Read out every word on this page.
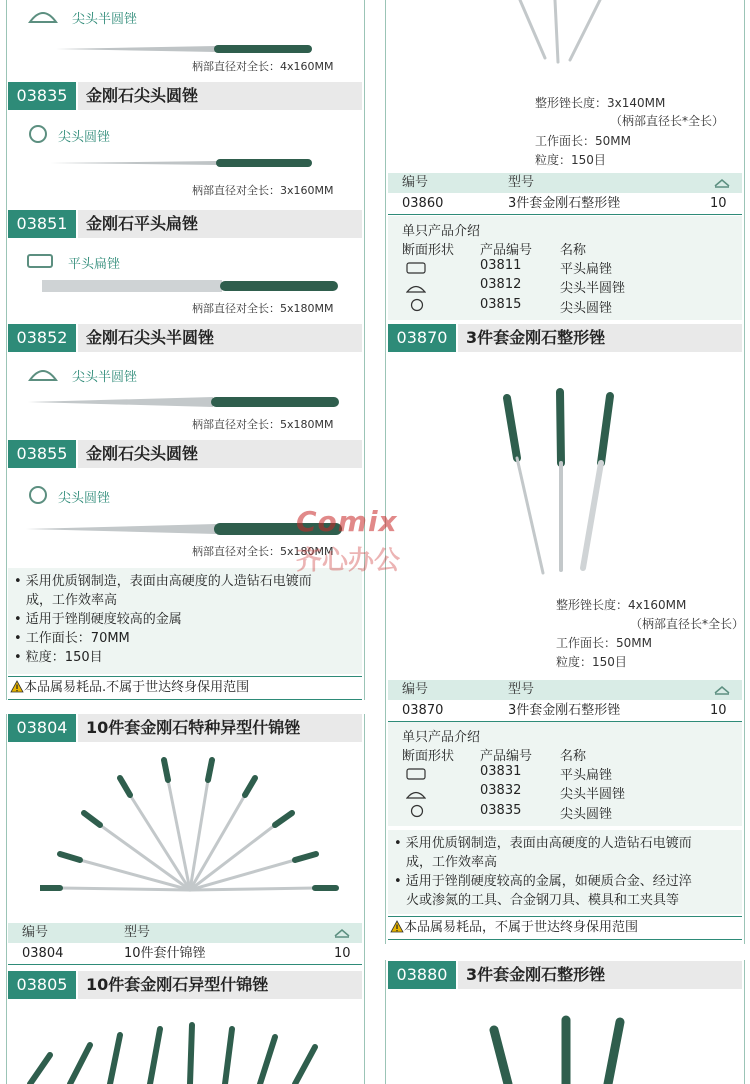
尖头半圆锉
柄部直径对全长：4x160MM
03835	金刚石尖头圆锉
尖头圆锉
柄部直径对全长：3x160MM
03851	金刚石平头扁锉
平头扁锉
柄部直径对全长：5x180MM
03852	金刚石尖头半圆锉
尖头半圆锉
柄部直径对全长：5x180MM
03855	金刚石尖头圆锉
尖头圆锉
柄部直径对全长：5x180MM
• 采用优质钢制造，表面由高硬度的人造钻石电镀而
成，工作效率高
• 适用于锉削硬度较高的金属
• 工作面长：70MM
• 粒度：150目
本品属易耗品.不属于世达终身保用范围
03804	10件套金刚石特种异型什锦锉
编号	型号
03804	10件套什锦锉	10
03805	10件套金刚石异型什锦锉
整形锉长度：3x140MM
（柄部直径长*全长）
工作面长：50MM
粒度：150目
编号	型号
03860	3件套金刚石整形锉	10
单只产品介绍
断面形状 产品编号 名称
03811	平头扁锉
03812	尖头半圆锉
03815	尖头圆锉
03870	3件套金刚石整形锉
整形锉长度：4x160MM
（柄部直径长*全长）
工作面长：50MM
粒度：150目
编号	型号
03870	3件套金刚石整形锉	10
单只产品介绍
断面形状 产品编号 名称
03831	平头扁锉
03832	尖头半圆锉
03835	尖头圆锉
• 采用优质钢制造，表面由高硬度的人造钻石电镀而
成，工作效率高
• 适用于锉削硬度较高的金属，如硬质合金、经过淬
火或渗氮的工具、合金钢刀具、模具和工夹具等
本品属易耗品，不属于世达终身保用范围
03880	3件套金刚石整形锉
Comix
齐心办公
